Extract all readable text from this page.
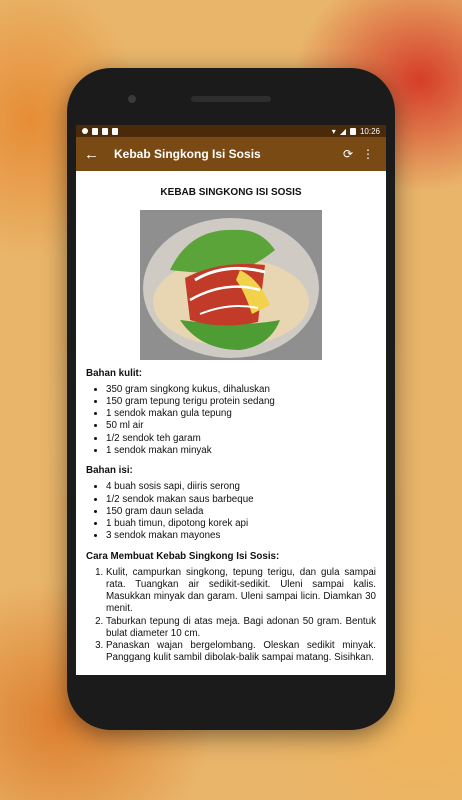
▾ ◢ 10:26
←	Kebab Singkong Isi Sosis	⟳ ⋮
KEBAB SINGKONG ISI SOSIS
Bahan kulit:
• 350 gram singkong kukus, dihaluskan
• 150 gram tepung terigu protein sedang
• 1 sendok makan gula tepung
• 50 ml air
• 1/2 sendok teh garam
• 1 sendok makan minyak
Bahan isi:
• 4 buah sosis sapi, diiris serong
• 1/2 sendok makan saus barbeque
• 150 gram daun selada
• 1 buah timun, dipotong korek api
• 3 sendok makan mayones
Cara Membuat Kebab Singkong Isi Sosis:
1. Kulit, campurkan singkong, tepung terigu, dan gula sampai rata. Tuangkan air sedikit-sedikit. Uleni sampai kalis. Masukkan minyak dan garam. Uleni sampai licin. Diamkan 30 menit.
2. Taburkan tepung di atas meja. Bagi adonan 50 gram. Bentuk bulat diameter 10 cm.
3. Panaskan wajan bergelombang. Oleskan sedikit minyak. Panggang kulit sambil dibolak-balik sampai matang. Sisihkan.
